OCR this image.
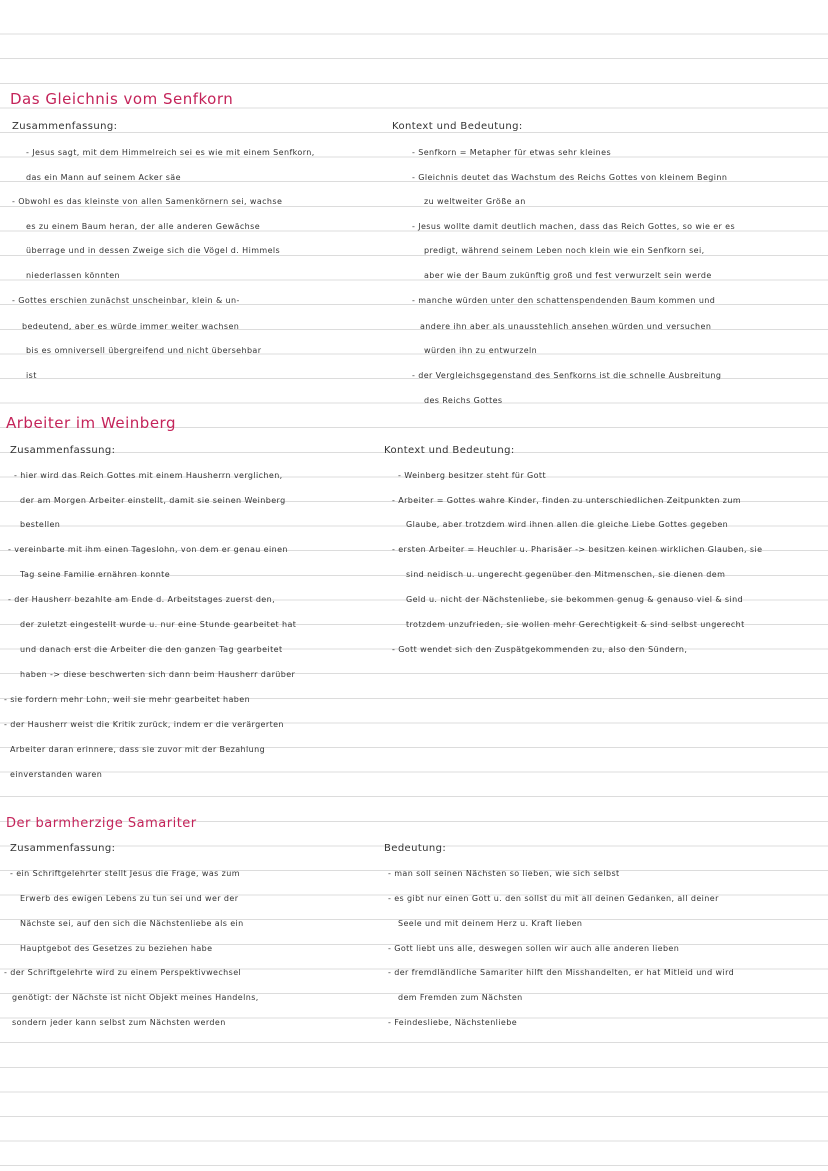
Das Gleichnis vom Senfkorn
Zusammenfassung:	Kontext und Bedeutung:
- Jesus sagt, mit dem Himmelreich sei es wie mit einem Senfkorn,
das ein Mann auf seinem Acker säe
- Obwohl es das kleinste von allen Samenkörnern sei, wachse
es zu einem Baum heran, der alle anderen Gewächse
überrage und in dessen Zweige sich die Vögel d. Himmels
niederlassen könnten
- Gottes erschien zunächst unscheinbar, klein & un-
bedeutend, aber es würde immer weiter wachsen
bis es omniversell übergreifend und nicht übersehbar
ist
- Senfkorn = Metapher für etwas sehr kleines
- Gleichnis deutet das Wachstum des Reichs Gottes von kleinem Beginn
zu weltweiter Größe an
- Jesus wollte damit deutlich machen, dass das Reich Gottes, so wie er es
predigt, während seinem Leben noch klein wie ein Senfkorn sei,
aber wie der Baum zukünftig groß und fest verwurzelt sein werde
- manche würden unter den schattenspendenden Baum kommen und
andere ihn aber als unausstehlich ansehen würden und versuchen
würden ihn zu entwurzeln
- der Vergleichsgegenstand des Senfkorns ist die schnelle Ausbreitung
des Reichs Gottes
Arbeiter im Weinberg
Zusammenfassung:	Kontext und Bedeutung:
- hier wird das Reich Gottes mit einem Hausherrn verglichen,
der am Morgen Arbeiter einstellt, damit sie seinen Weinberg
bestellen
- vereinbarte mit ihm einen Tageslohn, von dem er genau einen
Tag seine Familie ernähren konnte
- der Hausherr bezahlte am Ende d. Arbeitstages zuerst den,
der zuletzt eingestellt wurde u. nur eine Stunde gearbeitet hat
und danach erst die Arbeiter die den ganzen Tag gearbeitet
haben -> diese beschwerten sich dann beim Hausherr darüber
- sie fordern mehr Lohn, weil sie mehr gearbeitet haben
- der Hausherr weist die Kritik zurück, indem er die verärgerten
Arbeiter daran erinnere, dass sie zuvor mit der Bezahlung
einverstanden waren
- Weinberg besitzer steht für Gott
- Arbeiter = Gottes wahre Kinder, finden zu unterschiedlichen Zeitpunkten zum
Glaube, aber trotzdem wird ihnen allen die gleiche Liebe Gottes gegeben
- ersten Arbeiter = Heuchler u. Pharisäer -> besitzen keinen wirklichen Glauben, sie
sind neidisch u. ungerecht gegenüber den Mitmenschen, sie dienen dem
Geld u. nicht der Nächstenliebe, sie bekommen genug & genauso viel & sind
trotzdem unzufrieden, sie wollen mehr Gerechtigkeit & sind selbst ungerecht
- Gott wendet sich den Zuspätgekommenden zu, also den Sündern,
Der barmherzige Samariter
Zusammenfassung:	Bedeutung:
- ein Schriftgelehrter stellt Jesus die Frage, was zum
Erwerb des ewigen Lebens zu tun sei und wer der
Nächste sei, auf den sich die Nächstenliebe als ein
Hauptgebot des Gesetzes zu beziehen habe
- der Schriftgelehrte wird zu einem Perspektivwechsel
genötigt: der Nächste ist nicht Objekt meines Handelns,
sondern jeder kann selbst zum Nächsten werden
- man soll seinen Nächsten so lieben, wie sich selbst
- es gibt nur einen Gott u. den sollst du mit all deinen Gedanken, all deiner
Seele und mit deinem Herz u. Kraft lieben
- Gott liebt uns alle, deswegen sollen wir auch alle anderen lieben
- der fremdländliche Samariter hilft den Misshandelten, er hat Mitleid und wird
dem Fremden zum Nächsten
- Feindesliebe, Nächstenliebe
